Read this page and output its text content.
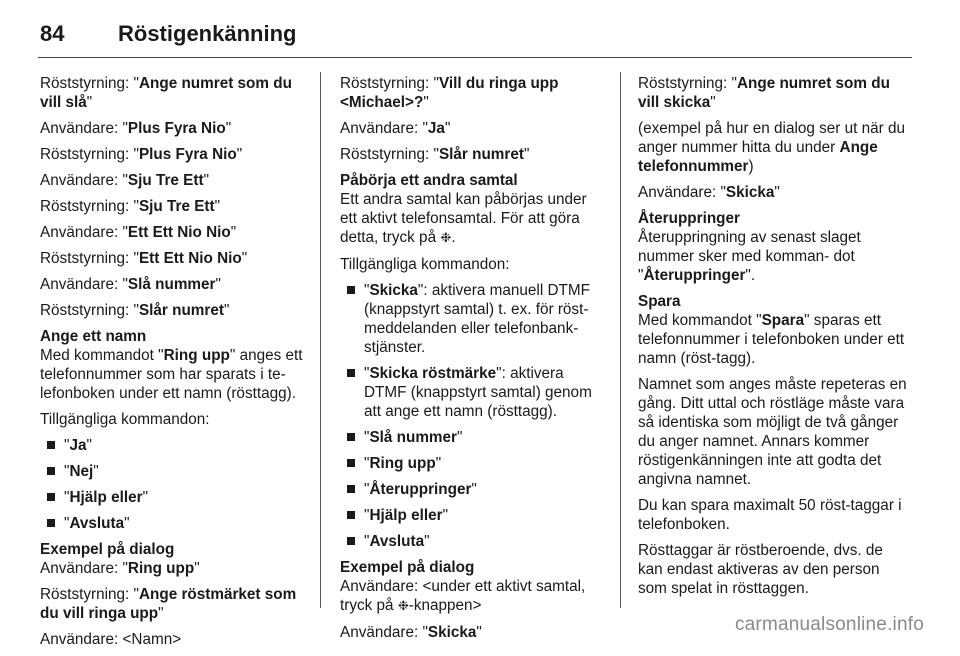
84	Röstigenkänning

Röststyrning: "Ange numret som du vill slå"

Användare: "Plus Fyra Nio"

Röststyrning: "Plus Fyra Nio"

Användare: "Sju Tre Ett"

Röststyrning: "Sju Tre Ett"

Användare: "Ett Ett Nio Nio"

Röststyrning: "Ett Ett Nio Nio"

Användare: "Slå nummer"

Röststyrning: "Slår numret"

Ange ett namn

Med kommandot "Ring upp" anges ett telefonnummer som har sparats i te- lefonboken under ett namn (rösttagg).

Tillgängliga kommandon:

"Ja"
"Nej"
"Hjälp eller"
"Avsluta"
Exempel på dialog

Användare: "Ring upp"

Röststyrning: "Ange röstmärket som du vill ringa upp"

Användare: <Namn>

Röststyrning: "Vill du ringa upp <Michael>?"

Användare: "Ja"

Röststyrning: "Slår numret"

Påbörja ett andra samtal

Ett andra samtal kan påbörjas under ett aktivt telefonsamtal. För att göra detta, tryck på ❉.

Tillgängliga kommandon:

"Skicka": aktivera manuell DTMF (knappstyrt samtal) t. ex. för röst- meddelanden eller telefonbank- stjänster.
"Skicka röstmärke": aktivera DTMF (knappstyrt samtal) genom att ange ett namn (rösttagg).
"Slå nummer"
"Ring upp"
"Återuppringer"
"Hjälp eller"
"Avsluta"
Exempel på dialog

Användare: <under ett aktivt samtal, tryck på ❉-knappen>

Användare: "Skicka"

Röststyrning: "Ange numret som du vill skicka"

(exempel på hur en dialog ser ut när du anger nummer hitta du under Ange telefonnummer)

Användare: "Skicka"

Återuppringer

Återuppringning av senast slaget nummer sker med komman- dot "Återuppringer".

Spara

Med kommandot "Spara" sparas ett telefonnummer i telefonboken under ett namn (röst-tagg).

Namnet som anges måste repeteras en gång. Ditt uttal och röstläge måste vara så identiska som möjligt de två gånger du anger namnet. Annars kommer röstigenkänningen inte att godta det angivna namnet.

Du kan spara maximalt 50 röst-taggar i telefonboken.

Rösttaggar är röstberoende, dvs. de kan endast aktiveras av den person som spelat in rösttaggen.

carmanualsonline.info
